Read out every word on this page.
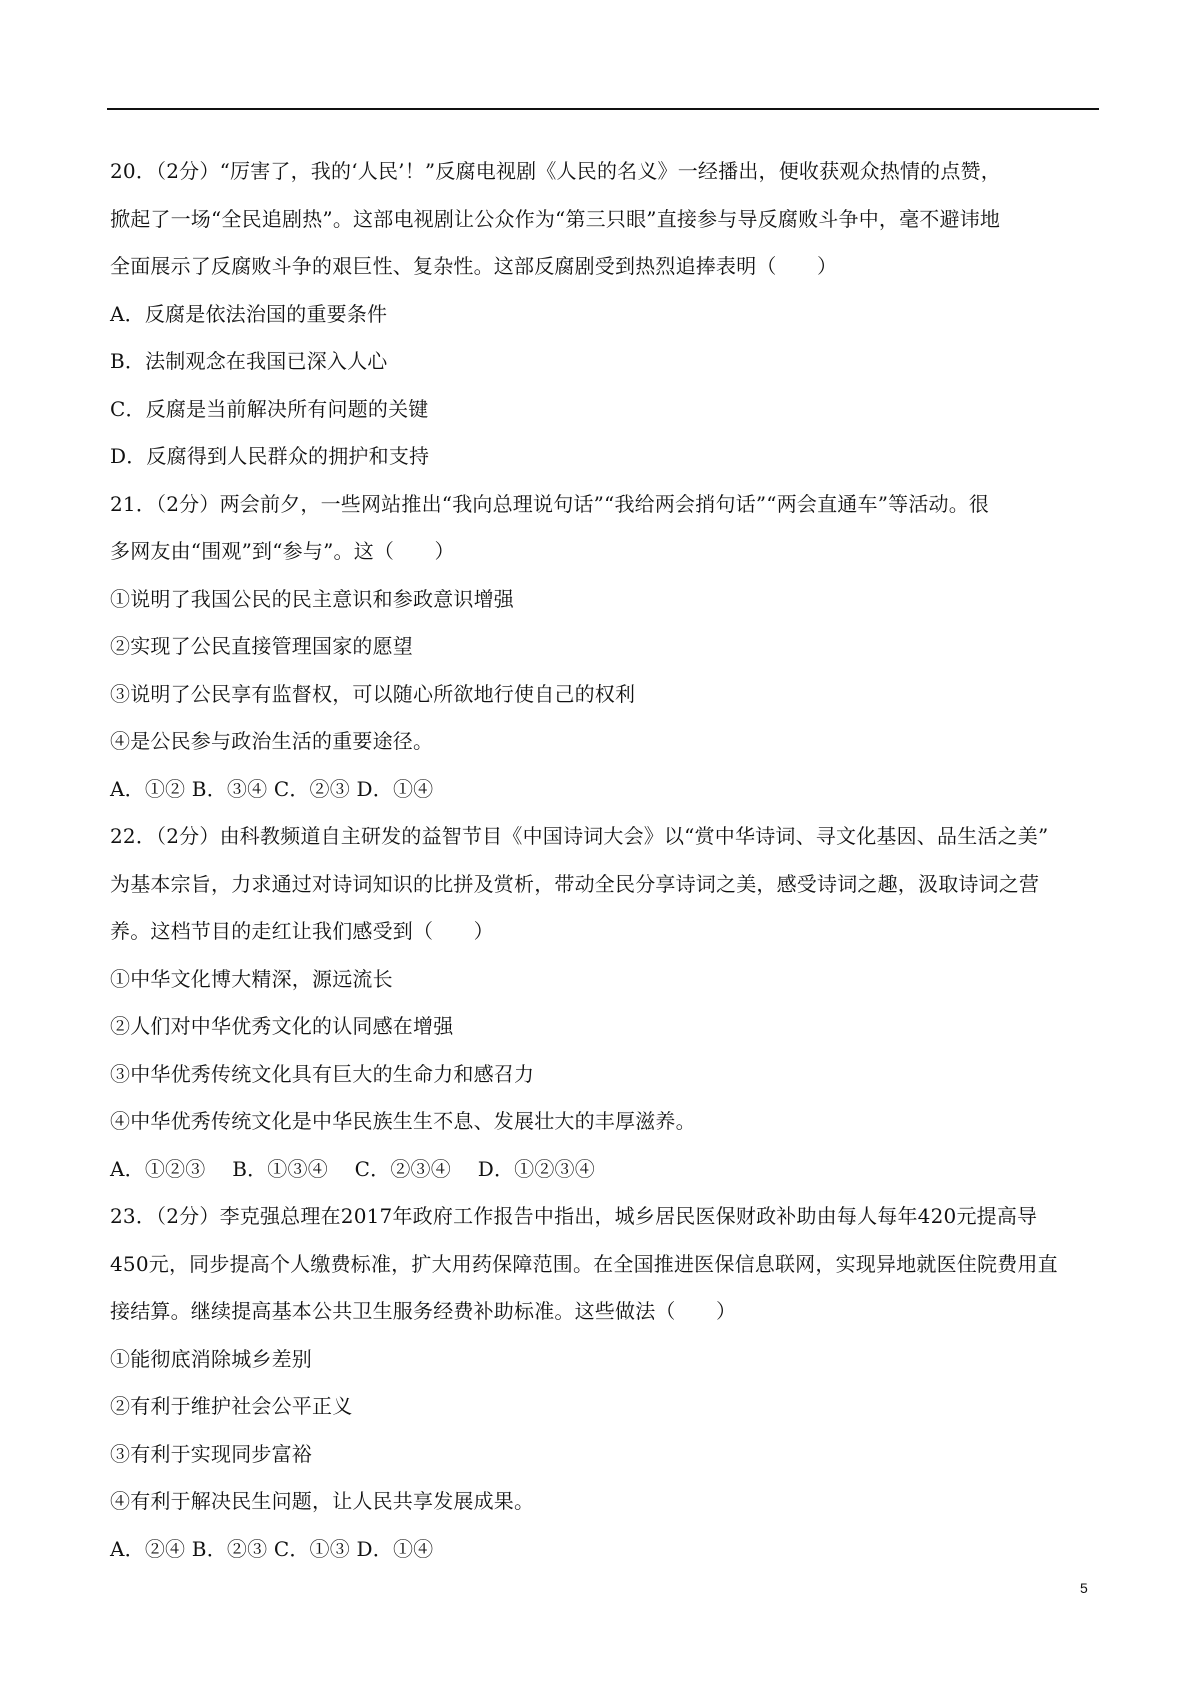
20．（2分）“厉害了，我的‘人民’！”反腐电视剧《人民的名义》一经播出，便收获观众热情的点赞，
掀起了一场“全民追剧热”。这部电视剧让公众作为“第三只眼”直接参与导反腐败斗争中，毫不避讳地
全面展示了反腐败斗争的艰巨性、复杂性。这部反腐剧受到热烈追捧表明（　　）
A．反腐是依法治国的重要条件
B．法制观念在我国已深入人心
C．反腐是当前解决所有问题的关键
D．反腐得到人民群众的拥护和支持
21．（2分）两会前夕，一些网站推出“我向总理说句话”“我给两会捎句话”“两会直通车”等活动。很
多网友由“围观”到“参与”。这（　　）
①说明了我国公民的民主意识和参政意识增强
②实现了公民直接管理国家的愿望
③说明了公民享有监督权，可以随心所欲地行使自己的权利
④是公民参与政治生活的重要途径。
A．①② B．③④ C．②③ D．①④
22．（2分）由科教频道自主研发的益智节目《中国诗词大会》以“赏中华诗词、寻文化基因、品生活之美”
为基本宗旨，力求通过对诗词知识的比拼及赏析，带动全民分享诗词之美，感受诗词之趣，汲取诗词之营
养。这档节目的走红让我们感受到（　　）
①中华文化博大精深，源远流长
②人们对中华优秀文化的认同感在增强
③中华优秀传统文化具有巨大的生命力和感召力
④中华优秀传统文化是中华民族生生不息、发展壮大的丰厚滋养。
A．①②③　 B．①③④　 C．②③④　 D．①②③④
23．（2分）李克强总理在2017年政府工作报告中指出，城乡居民医保财政补助由每人每年420元提高导
450元，同步提高个人缴费标准，扩大用药保障范围。在全国推进医保信息联网，实现异地就医住院费用直
接结算。继续提高基本公共卫生服务经费补助标准。这些做法（　　）
①能彻底消除城乡差别
②有利于维护社会公平正义
③有利于实现同步富裕
④有利于解决民生问题，让人民共享发展成果。
A．②④ B．②③ C．①③ D．①④
5
